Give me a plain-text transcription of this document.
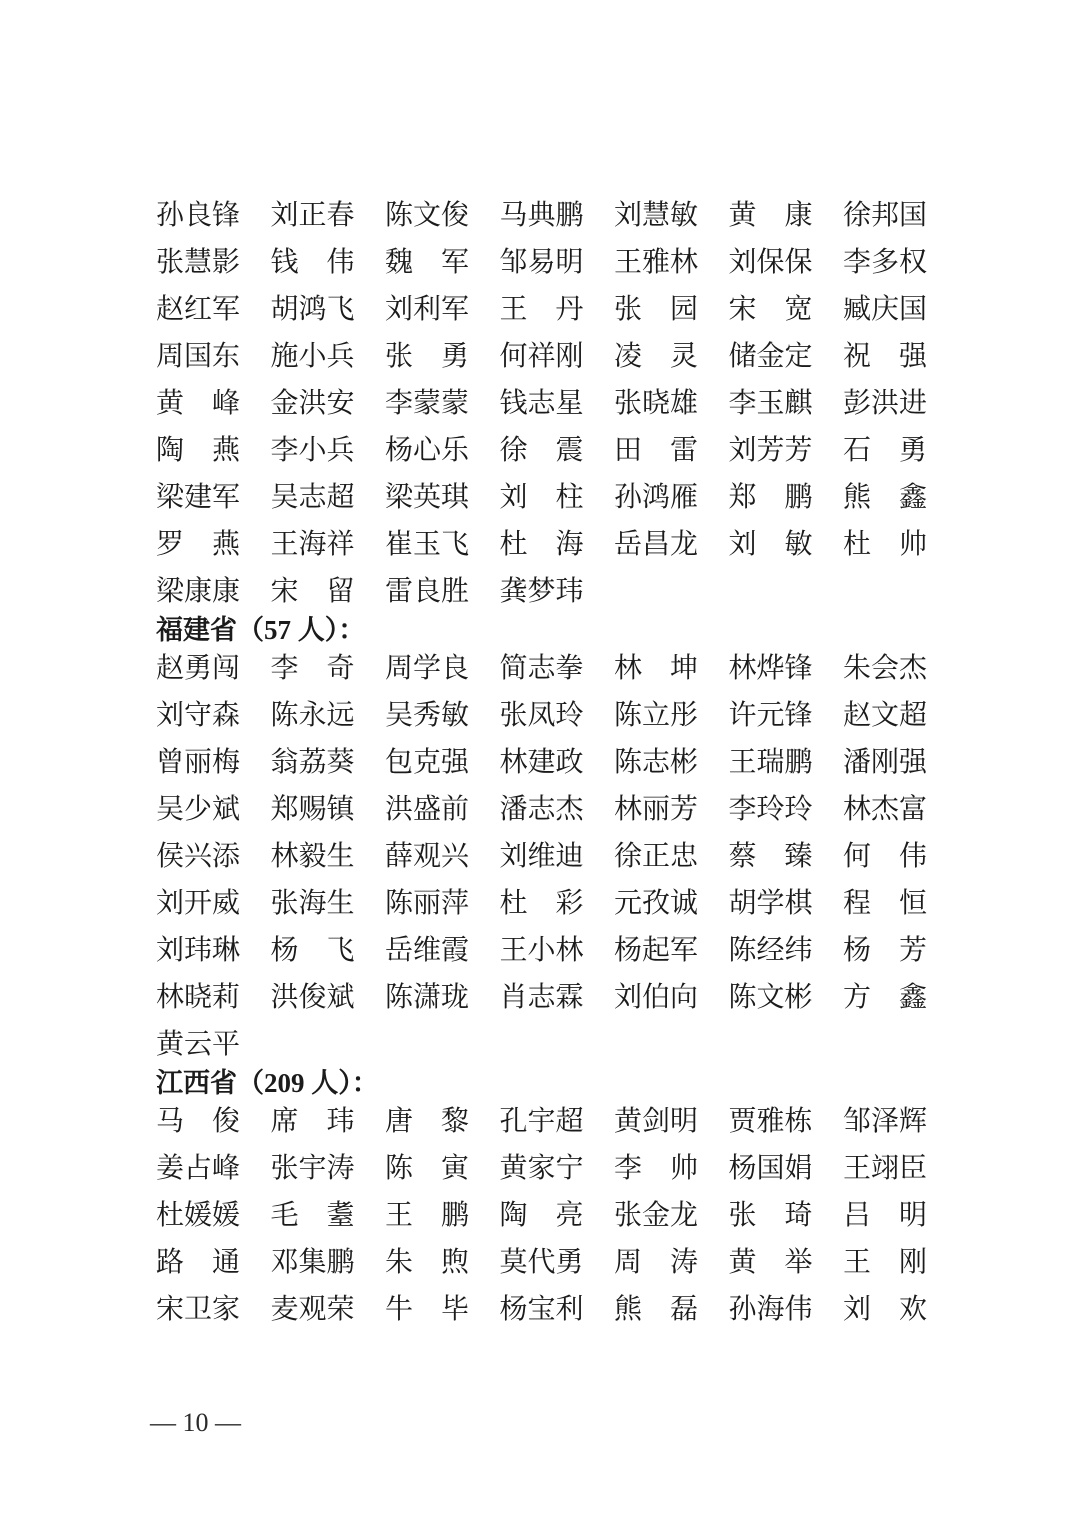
孙良锋 刘正春 陈文俊 马典鹏 刘慧敏 黄康 徐邦国
张慧影 钱伟 魏军 邹易明 王雅林 刘保保 李多权
赵红军 胡鸿飞 刘利军 王丹 张园 宋宽 臧庆国
周国东 施小兵 张勇 何祥刚 凌灵 储金定 祝强
黄峰 金洪安 李蒙蒙 钱志星 张晓雄 李玉麒 彭洪进
陶燕 李小兵 杨心乐 徐震 田雷 刘芳芳 石勇
梁建军 吴志超 梁英琪 刘柱 孙鸿雁 郑鹏 熊鑫
罗燕 王海祥 崔玉飞 杜海 岳昌龙 刘敏 杜帅
梁康康 宋留 雷良胜 龚梦玮
福建省（57 人）：
赵勇闯 李奇 周学良 简志拳 林坤 林烨锋 朱会杰
刘守森 陈永远 吴秀敏 张凤玲 陈立彤 许元锋 赵文超
曾丽梅 翁荔葵 包克强 林建政 陈志彬 王瑞鹏 潘刚强
吴少斌 郑赐镇 洪盛前 潘志杰 林丽芳 李玲玲 林杰富
侯兴添 林毅生 薛观兴 刘维迪 徐正忠 蔡臻 何伟
刘开威 张海生 陈丽萍 杜彩 元孜诚 胡学棋 程恒
刘玮琳 杨飞 岳维霞 王小林 杨起军 陈经纬 杨芳
林晓莉 洪俊斌 陈潇珑 肖志霖 刘伯向 陈文彬 方鑫
黄云平
江西省（209 人）：
马俊 席玮 唐黎 孔宇超 黄剑明 贾雅栋 邹泽辉
姜占峰 张宇涛 陈寅 黄家宁 李帅 杨国娟 王翊臣
杜媛媛 毛耋 王鹏 陶亮 张金龙 张琦 吕明
路通 邓集鹏 朱煦 莫代勇 周涛 黄举 王刚
宋卫家 麦观荣 牛毕 杨宝利 熊磊 孙海伟 刘欢
— 10 —
